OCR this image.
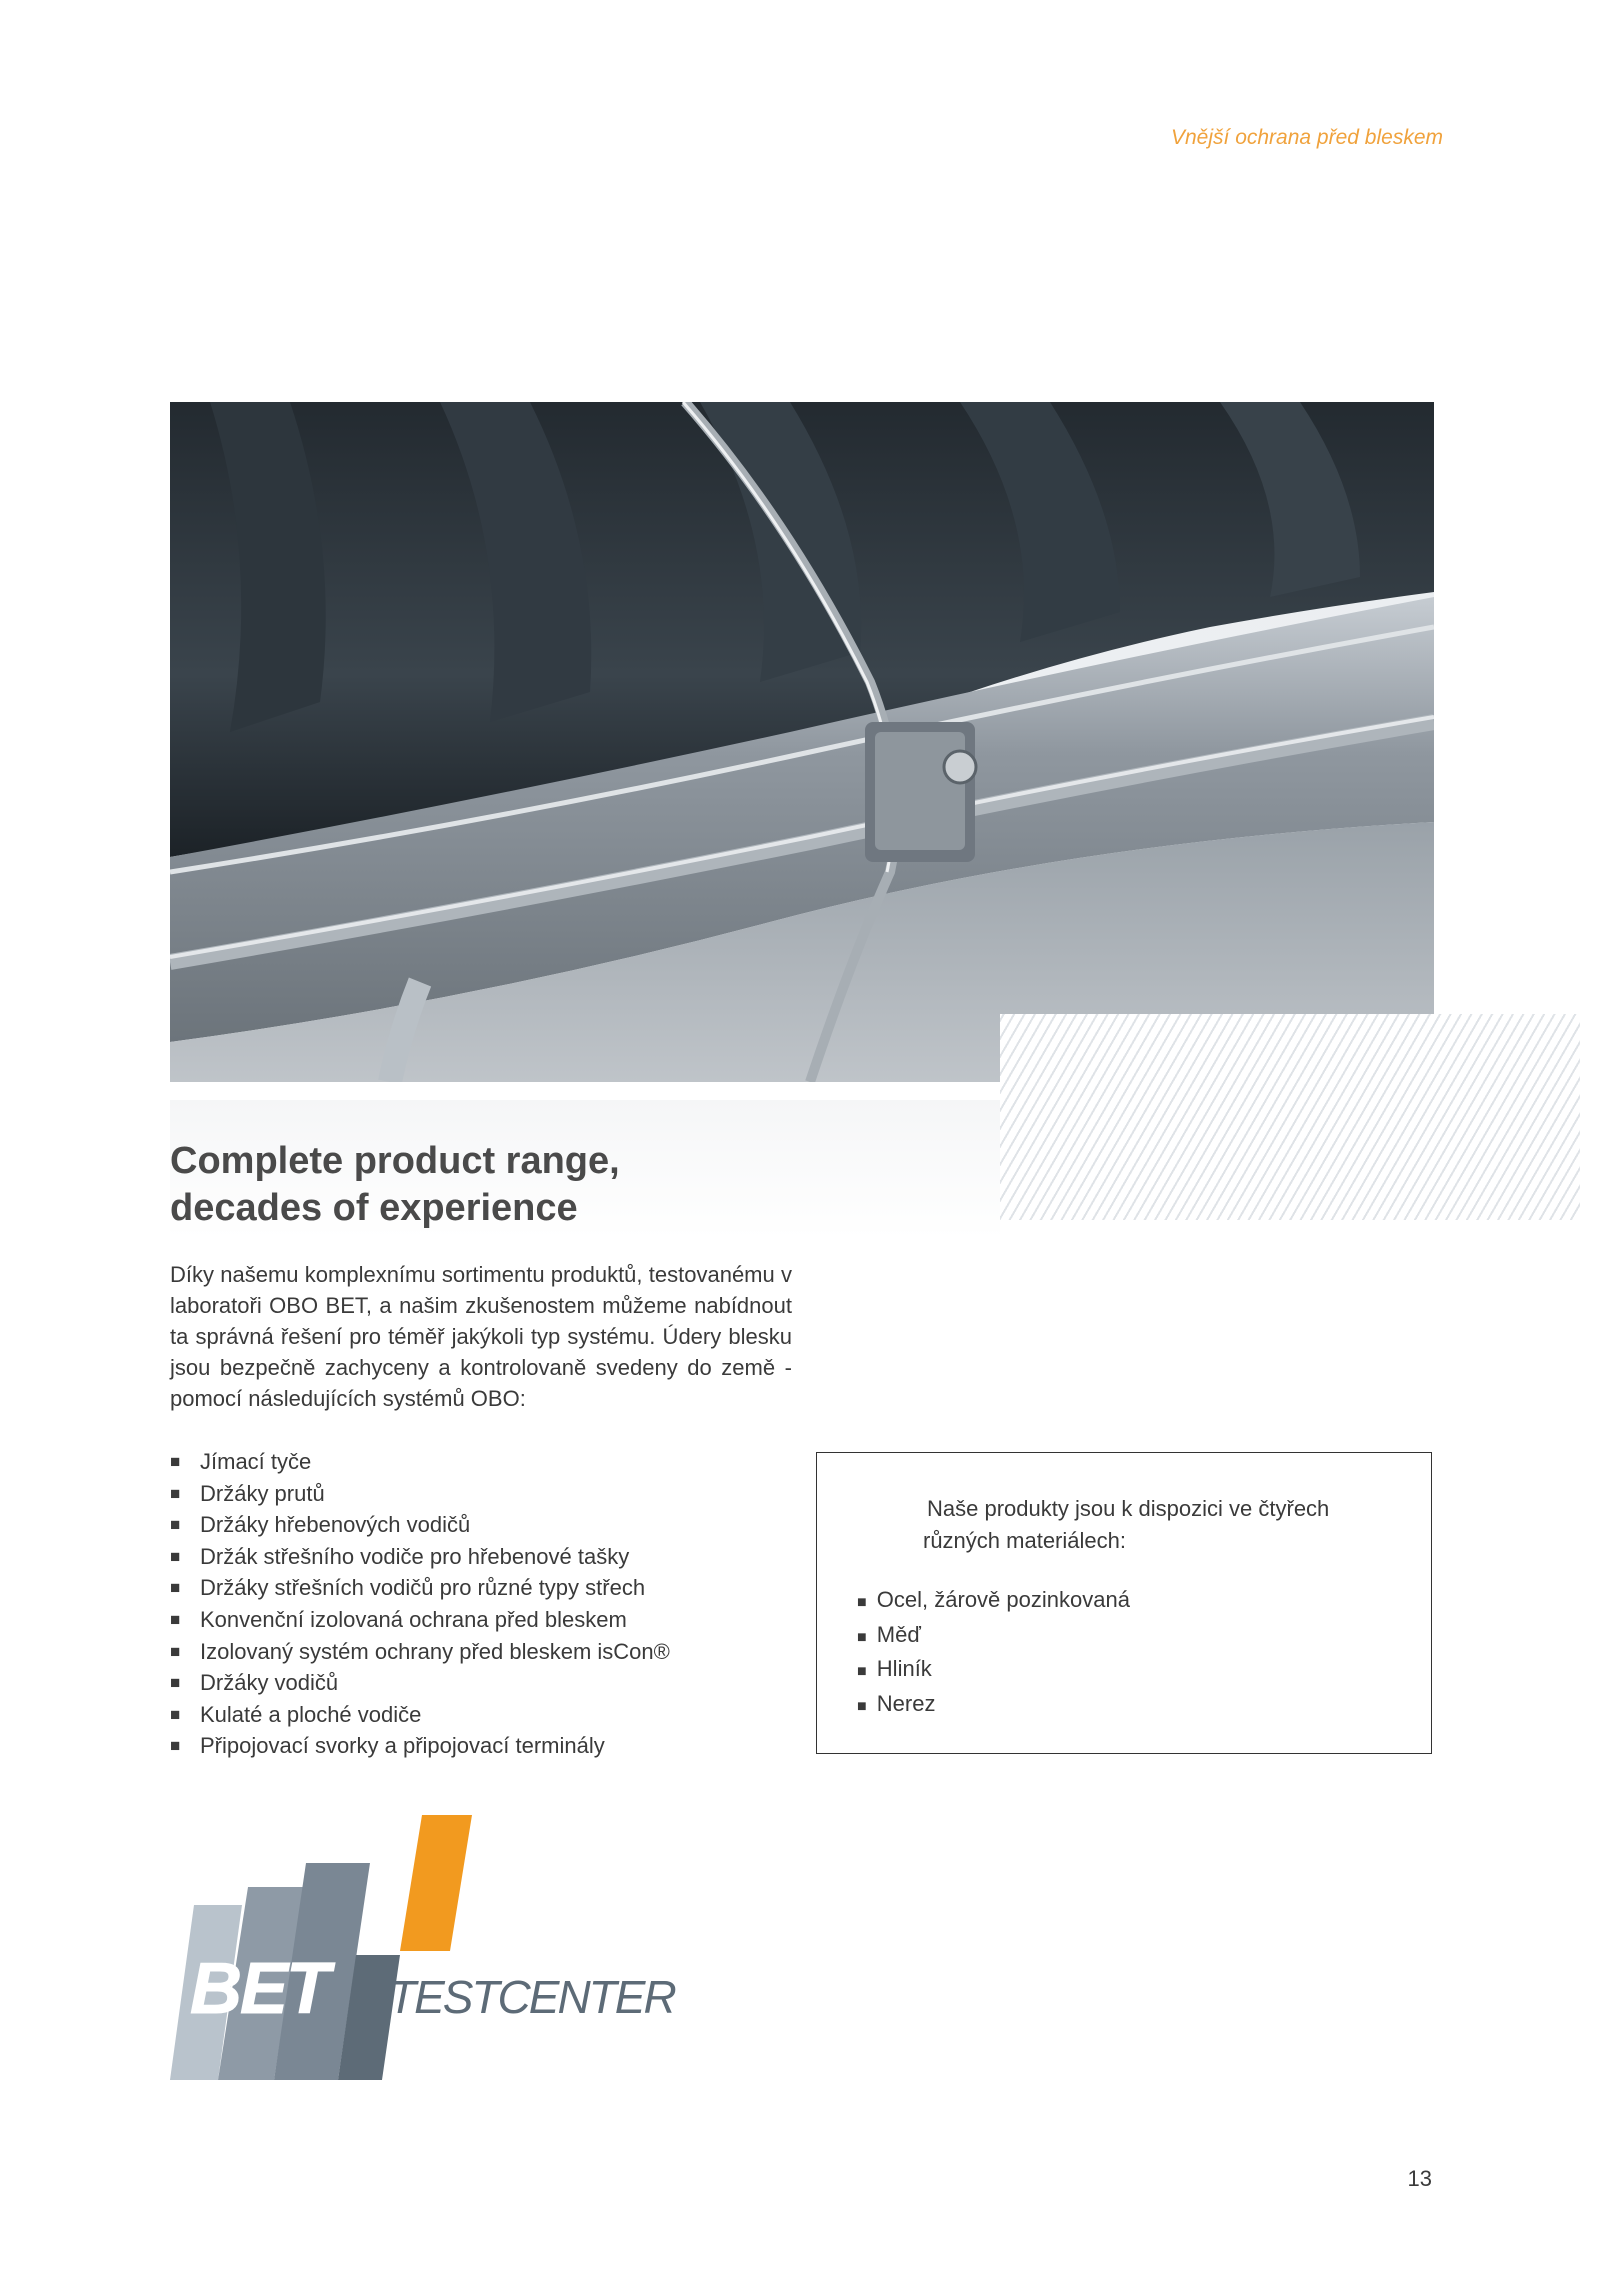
Vnější ochrana před bleskem
Complete product range,
decades of experience

Díky našemu komplexnímu sortimentu produktů, testovanému v laboratoři OBO BET, a našim zkušenostem můžeme nabídnout ta správná řešení pro téměř jakýkoli typ systému. Údery blesku jsou bezpečně zachyceny a kontrolovaně svedeny do země - pomocí následujících systémů OBO:

■ Jímací tyče
■ Držáky prutů
■ Držáky hřebenových vodičů
■ Držák střešního vodiče pro hřebenové tašky
■ Držáky střešních vodičů pro různé typy střech
■ Konvenční izolovaná ochrana před bleskem
■ Izolovaný systém ochrany před bleskem isCon®
■ Držáky vodičů
■ Kulaté a ploché vodiče
■ Připojovací svorky a připojovací terminály

Naše produkty jsou k dispozici ve čtyřech různých materiálech:

■ Ocel, žárově pozinkovaná
■ Měď
■ Hliník
■ Nerez
BET TESTCENTER
13
